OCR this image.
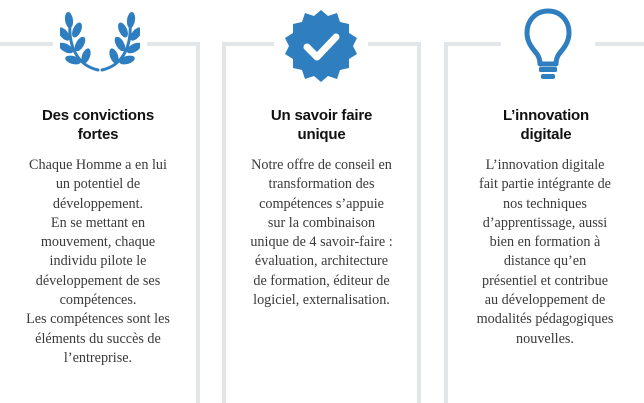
Des convictions
fortes
Chaque Homme a en lui
un potentiel de
développement.
En se mettant en
mouvement, chaque
individu pilote le
développement de ses
compétences.
Les compétences sont les
éléments du succès de
l’entreprise.
Un savoir faire
unique
Notre offre de conseil en
transformation des
compétences s’appuie
sur la combinaison
unique de 4 savoir-faire :
évaluation, architecture
de formation, éditeur de
logiciel, externalisation.
L’innovation
digitale
L’innovation digitale
fait partie intégrante de
nos techniques
d’apprentissage, aussi
bien en formation à
distance qu’en
présentiel et contribue
au développement de
modalités pédagogiques
nouvelles.
